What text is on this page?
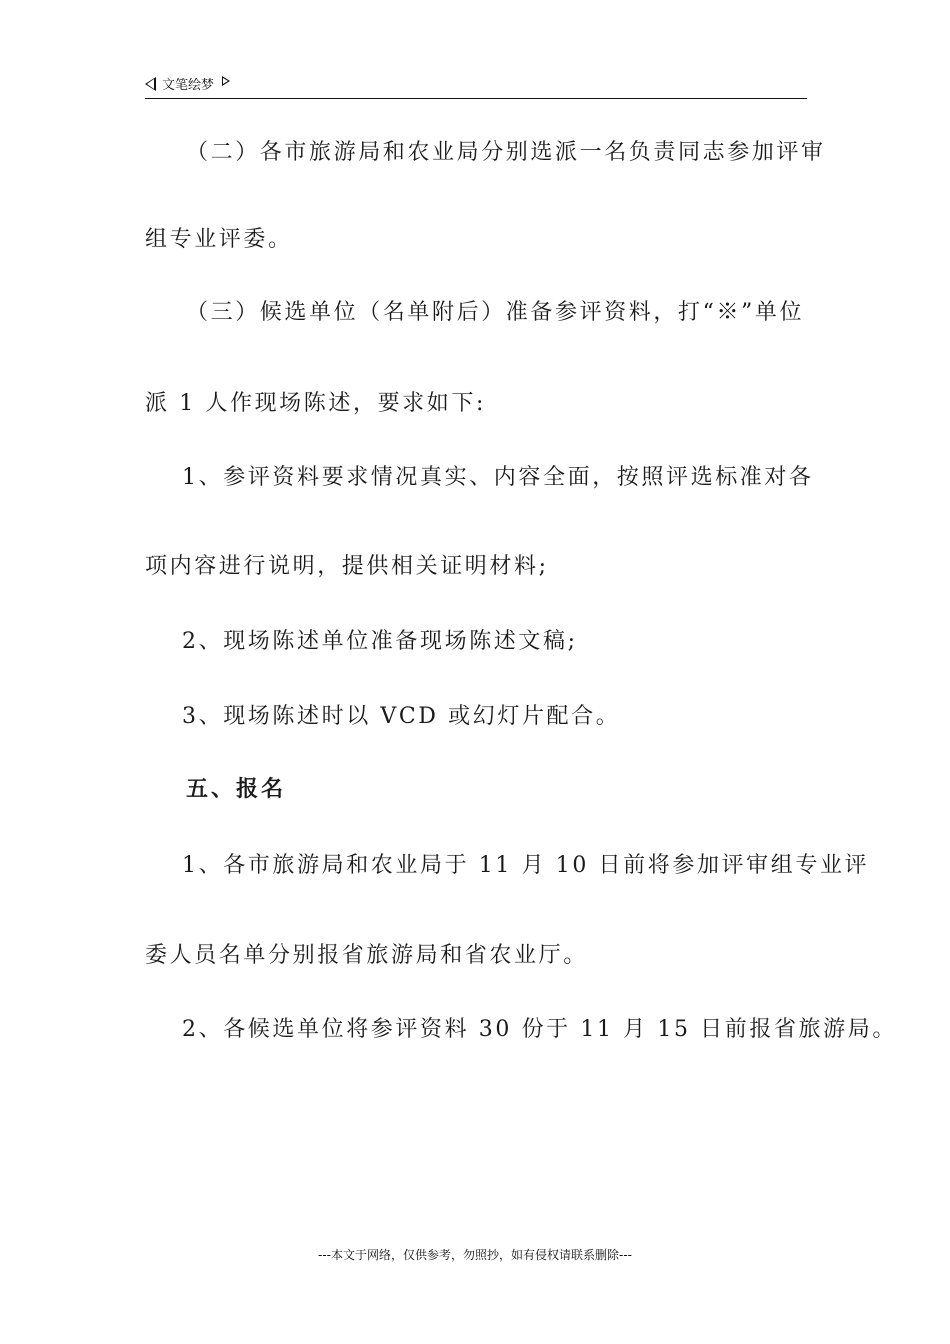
文笔绘梦
（二）各市旅游局和农业局分别选派一名负责同志参加评审
组专业评委。
（三）候选单位（名单附后）准备参评资料，打“※”单位
派 1 人作现场陈述，要求如下:
1、参评资料要求情况真实、内容全面，按照评选标准对各
项内容进行说明，提供相关证明材料;
2、现场陈述单位准备现场陈述文稿;
3、现场陈述时以 VCD 或幻灯片配合。
五、报名
1、各市旅游局和农业局于 11 月 10 日前将参加评审组专业评
委人员名单分别报省旅游局和省农业厅。
2、各候选单位将参评资料 30 份于 11 月 15 日前报省旅游局。
---本文于网络，仅供参考，勿照抄，如有侵权请联系删除---
